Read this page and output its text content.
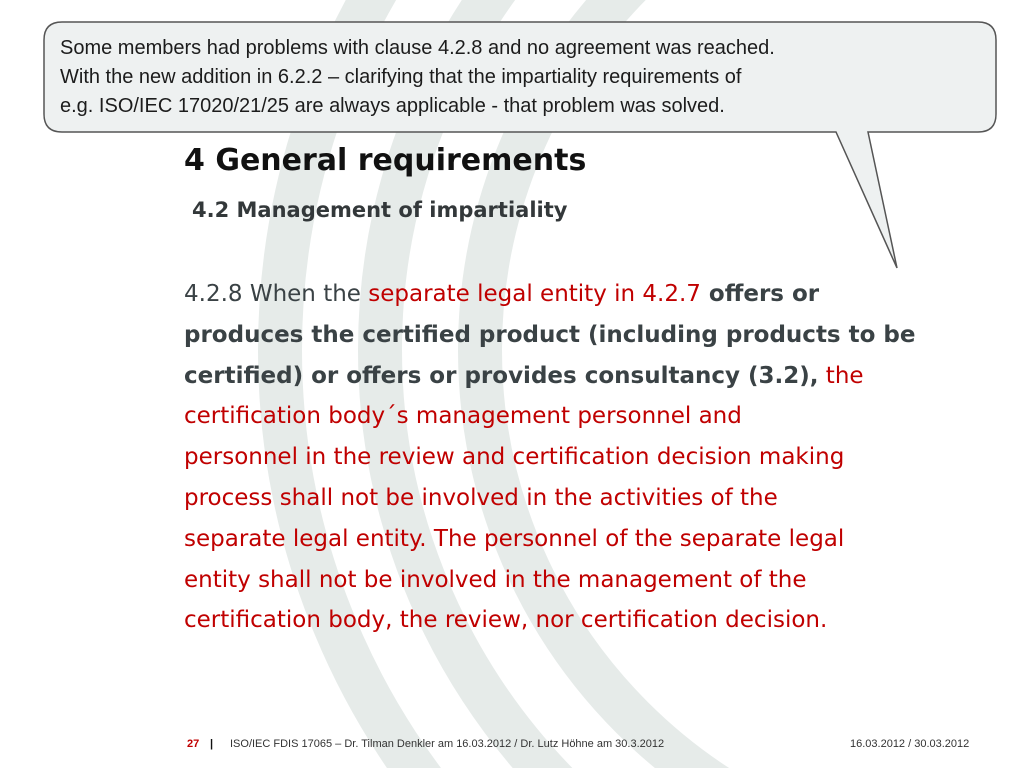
Some members had problems with clause 4.2.8 and no agreement was reached.
With the new addition in 6.2.2 – clarifying that the impartiality requirements of
e.g. ISO/IEC 17020/21/25 are always applicable - that problem was solved.
4 General requirements
4.2 Management of impartiality
4.2.8 When the separate legal entity in 4.2.7 offers or
produces the certified product (including products to be
certified) or offers or provides consultancy (3.2), the
certification body´s management personnel and
personnel in the review and certification decision making
process shall not be involved in the activities of the
separate legal entity. The personnel of the separate legal
entity shall not be involved in the management of the
certification body, the review, nor certification decision.
27 | ISO/IEC FDIS 17065 – Dr. Tilman Denkler am 16.03.2012 / Dr. Lutz Höhne am 30.3.2012	16.03.2012 / 30.03.2012
